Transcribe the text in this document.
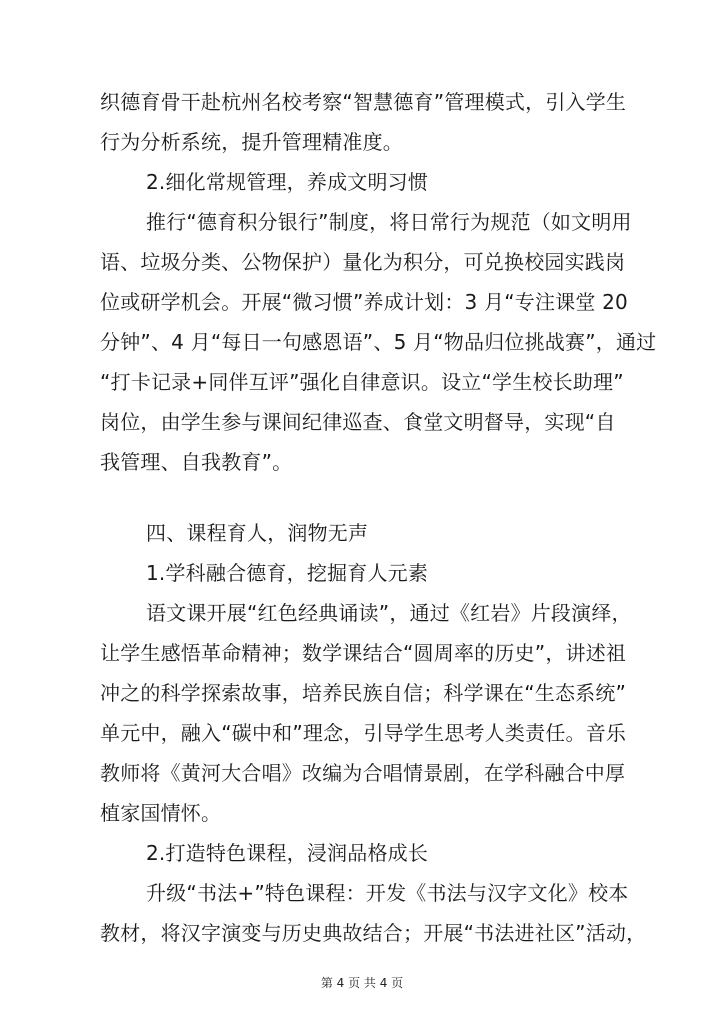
织德育骨干赴杭州名校考察“智慧德育”管理模式，引入学生
行为分析系统，提升管理精准度。
2.细化常规管理，养成文明习惯
推行“德育积分银行”制度，将日常行为规范（如文明用
语、垃圾分类、公物保护）量化为积分，可兑换校园实践岗
位或研学机会。开展“微习惯”养成计划：3 月“专注课堂 20
分钟”、4 月“每日一句感恩语”、5 月“物品归位挑战赛”，通过
“打卡记录+同伴互评”强化自律意识。设立“学生校长助理”
岗位，由学生参与课间纪律巡查、食堂文明督导，实现“自
我管理、自我教育”。
四、课程育人，润物无声
1.学科融合德育，挖掘育人元素
语文课开展“红色经典诵读”，通过《红岩》片段演绎，
让学生感悟革命精神；数学课结合“圆周率的历史”，讲述祖
冲之的科学探索故事，培养民族自信；科学课在“生态系统”
单元中，融入“碳中和”理念，引导学生思考人类责任。音乐
教师将《黄河大合唱》改编为合唱情景剧，在学科融合中厚
植家国情怀。
2.打造特色课程，浸润品格成长
升级“书法+”特色课程：开发《书法与汉字文化》校本
教材，将汉字演变与历史典故结合；开展“书法进社区”活动，
第 4 页 共 4 页
